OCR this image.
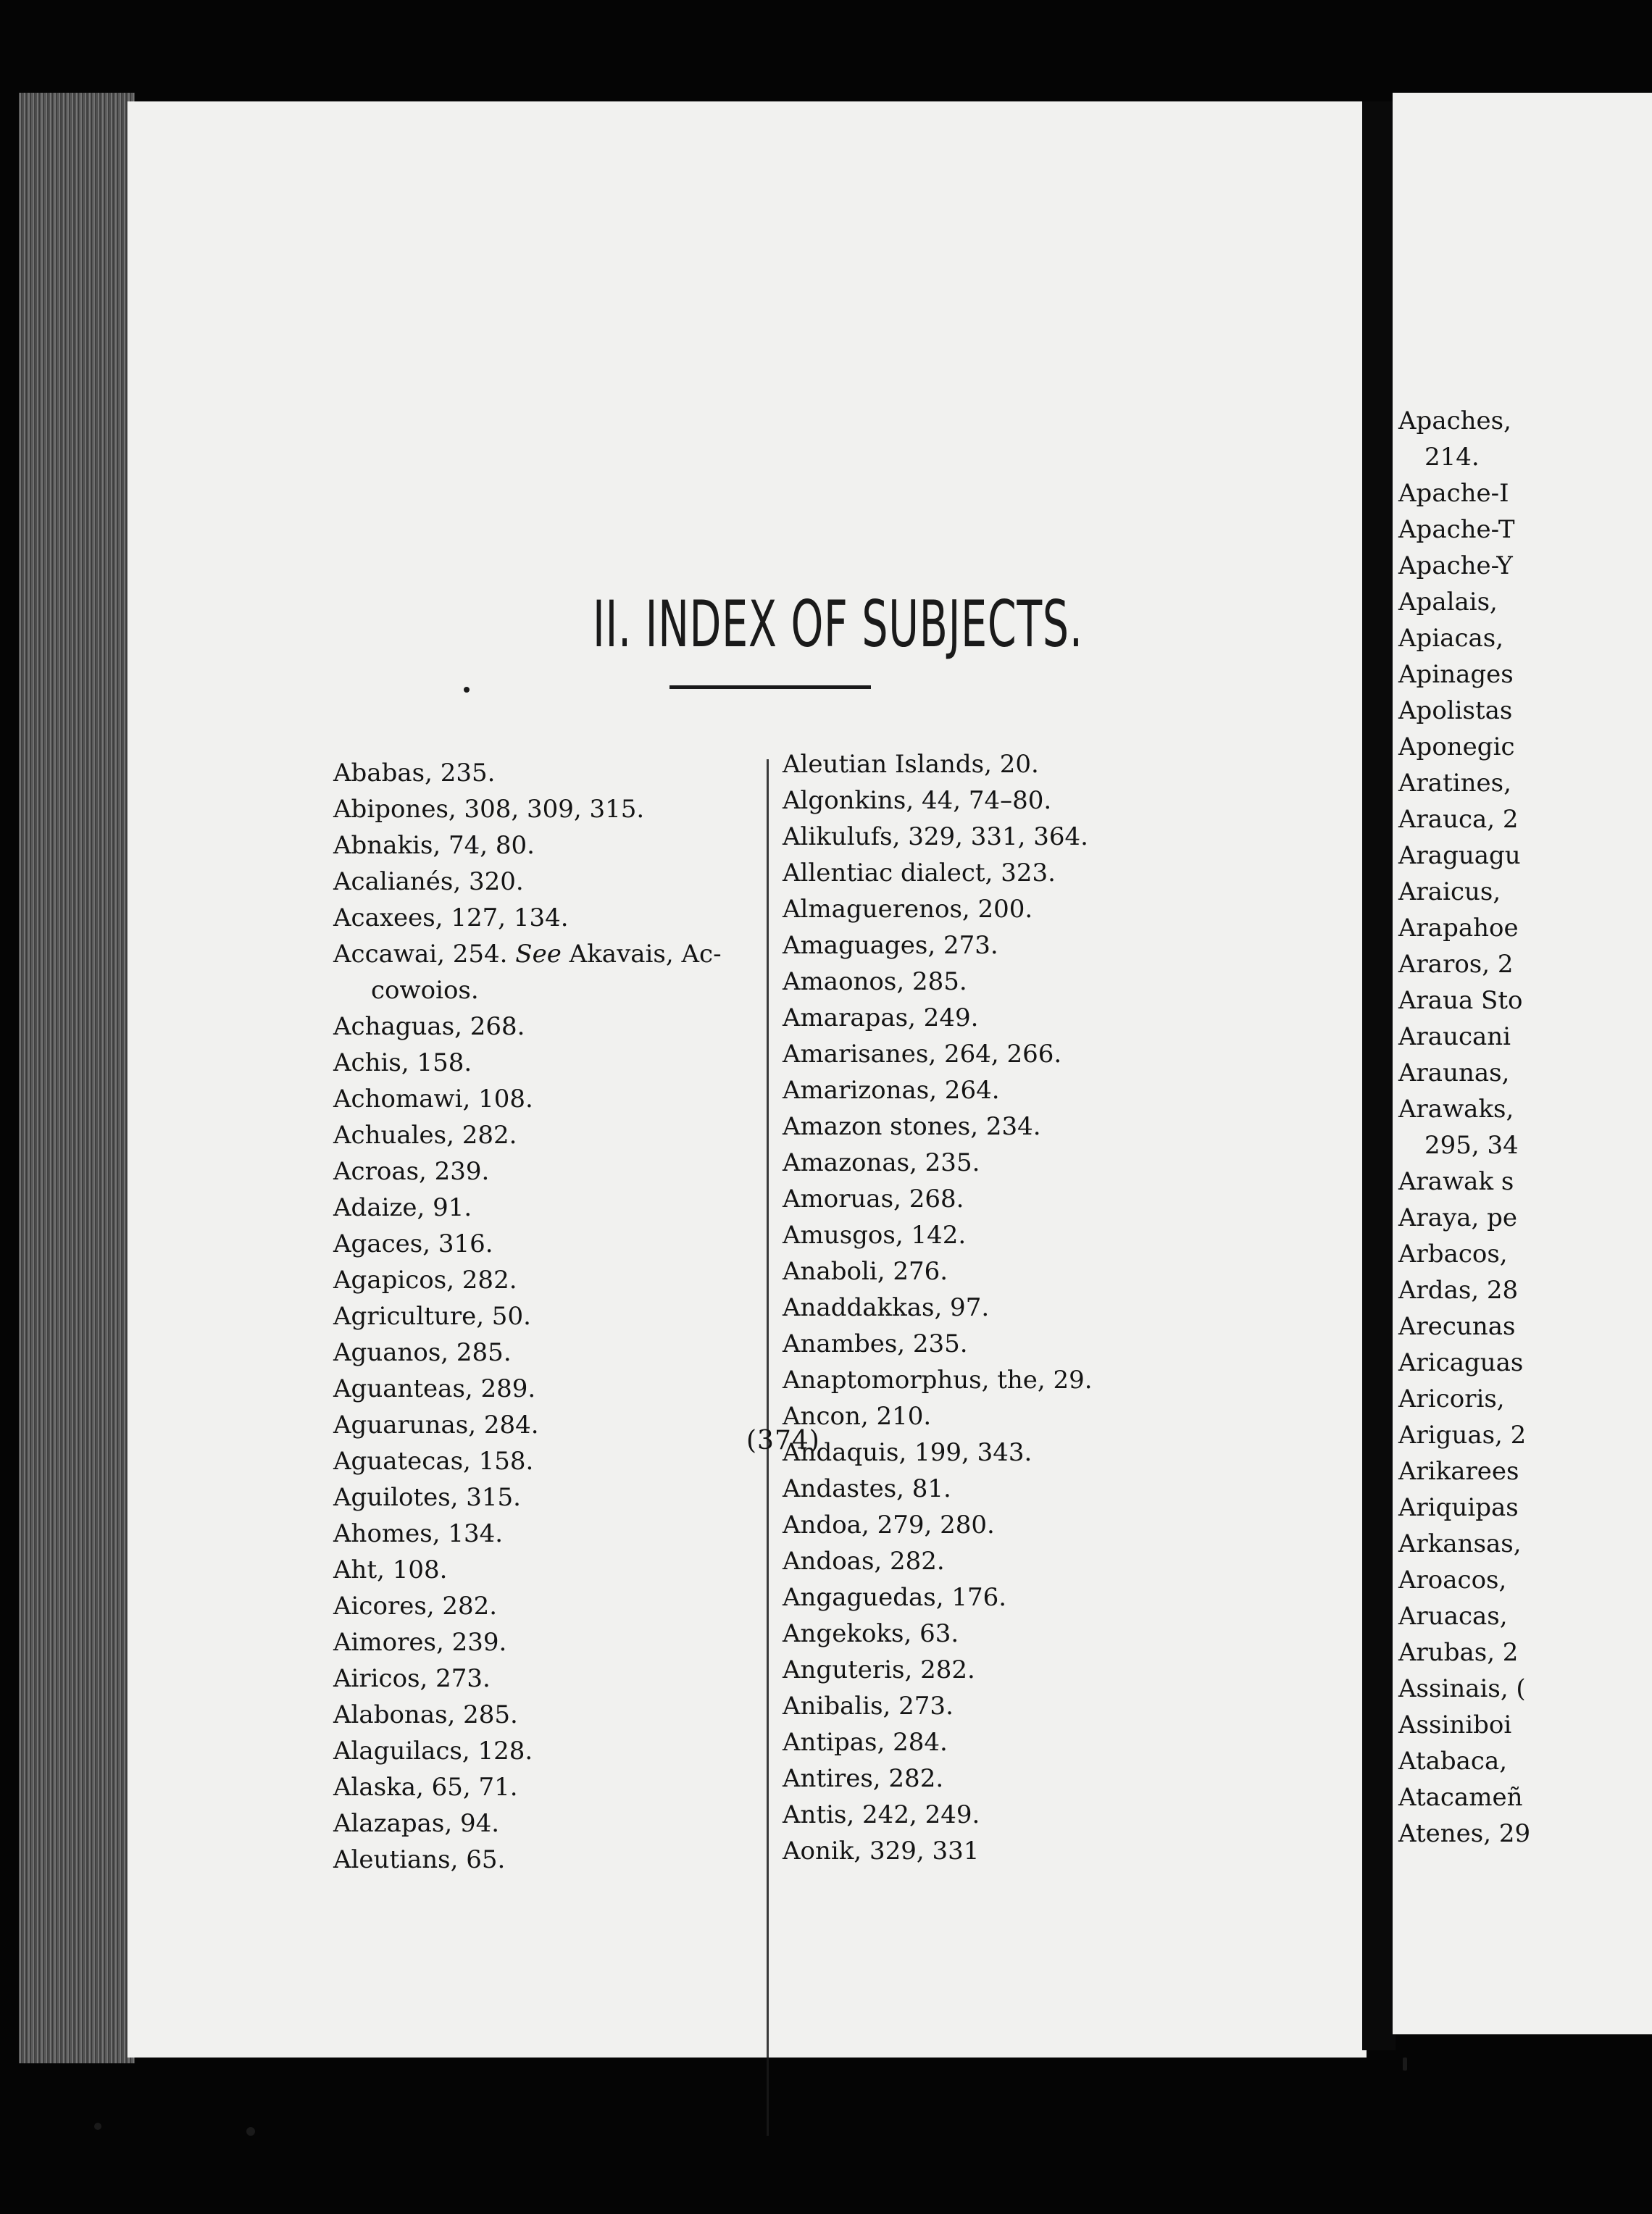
Apaches,
214.
Apache-I
Apache-T
Apache-Y
Apalais,
Apiacas,
Apinages
Apolistas
Aponegic
Aratines,
Arauca, 2
Araguagu
Araicus,
Arapahoe
Araros, 2
Araua Sto
Araucani
Araunas,
Arawaks,
295, 34
Arawak s
Araya, pe
Arbacos,
Ardas, 28
Arecunas
Aricaguas
Aricoris,
Ariguas, 2
Arikarees
Ariquipas
Arkansas,
Aroacos,
Aruacas,
Arubas, 2
Assinais, (
Assiniboi
Atabaca,
Atacameñ
Atenes, 29
II. INDEX OF SUBJECTS.
Ababas, 235.
Abipones, 308, 309, 315.
Abnakis, 74, 80.
Acalianés, 320.
Acaxees, 127, 134.
Accawai, 254. See Akavais, Ac-
cowoios.
Achaguas, 268.
Achis, 158.
Achomawi, 108.
Achuales, 282.
Acroas, 239.
Adaize, 91.
Agaces, 316.
Agapicos, 282.
Agriculture, 50.
Aguanos, 285.
Aguanteas, 289.
Aguarunas, 284.
Aguatecas, 158.
Aguilotes, 315.
Ahomes, 134.
Aht, 108.
Aicores, 282.
Aimores, 239.
Airicos, 273.
Alabonas, 285.
Alaguilacs, 128.
Alaska, 65, 71.
Alazapas, 94.
Aleutians, 65.
Aleutian Islands, 20.
Algonkins, 44, 74–80.
Alikulufs, 329, 331, 364.
Allentiac dialect, 323.
Almaguerenos, 200.
Amaguages, 273.
Amaonos, 285.
Amarapas, 249.
Amarisanes, 264, 266.
Amarizonas, 264.
Amazon stones, 234.
Amazonas, 235.
Amoruas, 268.
Amusgos, 142.
Anaboli, 276.
Anaddakkas, 97.
Anambes, 235.
Anaptomorphus, the, 29.
Ancon, 210.
Andaquis, 199, 343.
Andastes, 81.
Andoa, 279, 280.
Andoas, 282.
Angaguedas, 176.
Angekoks, 63.
Anguteris, 282.
Anibalis, 273.
Antipas, 284.
Antires, 282.
Antis, 242, 249.
Aonik, 329, 331
(374)
